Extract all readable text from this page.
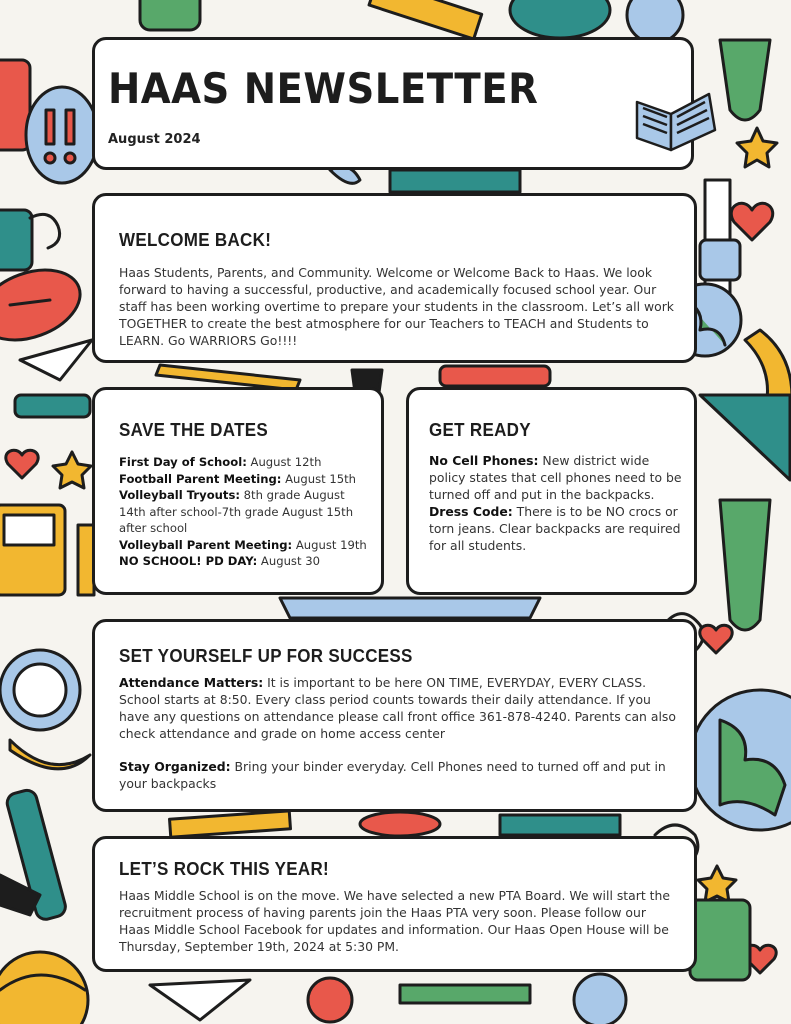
HAAS NEWSLETTER
August 2024
WELCOME BACK!
Haas Students, Parents, and Community. Welcome or Welcome Back to Haas. We look forward to having a successful, productive, and academically focused school year. Our staff has been working overtime to prepare your students in the classroom. Let’s all work TOGETHER to create the best atmosphere for our Teachers to TEACH and Students to LEARN. Go WARRIORS Go!!!!
SAVE THE DATES

First Day of School: August 12th

Football Parent Meeting: August 15th

Volleyball Tryouts: 8th grade August 14th after school-7th grade August 15th after school

Volleyball Parent Meeting: August 19th

NO SCHOOL! PD DAY: August 30

GET READY
No Cell Phones: New district wide policy states that cell phones need to be turned off and put in the backpacks.
Dress Code: There is to be NO crocs or torn jeans. Clear backpacks are required for all students.
SET YOURSELF UP FOR SUCCESS

Attendance Matters: It is important to be here ON TIME, EVERYDAY, EVERY CLASS. School starts at 8:50. Every class period counts towards their daily attendance. If you have any questions on attendance please call front office 361-878-4240. Parents can also check attendance and grade on home access center

Stay Organized: Bring your binder everyday. Cell Phones need to turned off and put in your backpacks

LET’S ROCK THIS YEAR!
Haas Middle School is on the move. We have selected a new PTA Board. We will start the recruitment process of having parents join the Haas PTA very soon. Please follow our Haas Middle School Facebook for updates and information. Our Haas Open House will be Thursday, September 19th, 2024 at 5:30 PM.
